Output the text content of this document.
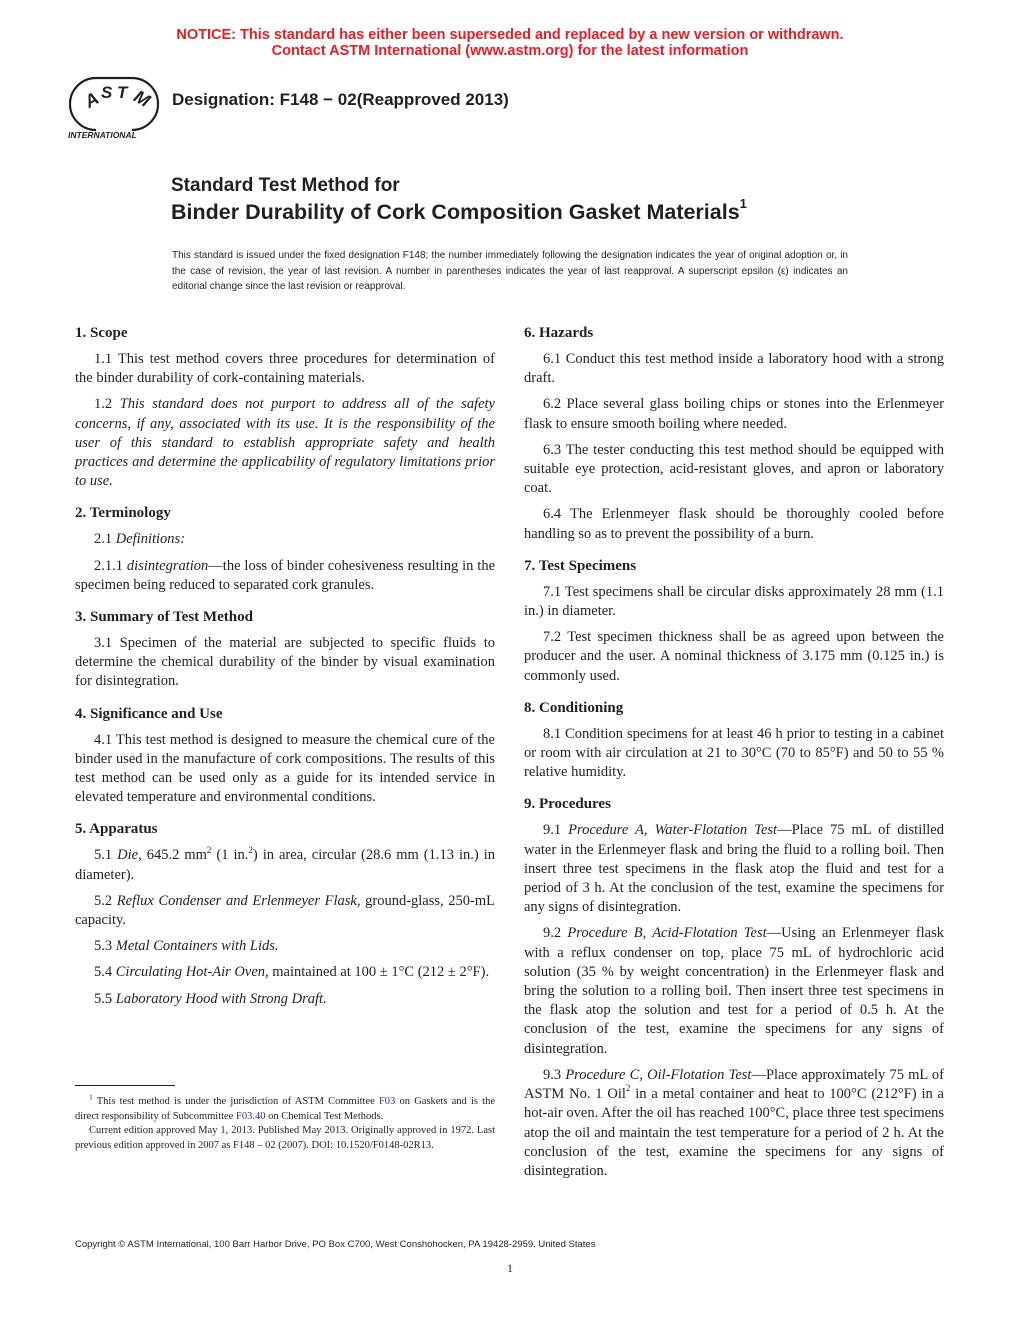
NOTICE: This standard has either been superseded and replaced by a new version or withdrawn.
Contact ASTM International (www.astm.org) for the latest information
A
S T M
INTERNATIONAL
Designation: F148 − 02(Reapproved 2013)
Standard Test Method for
Binder Durability of Cork Composition Gasket Materials$^1$
This standard is issued under the fixed designation F148; the number immediately following the designation indicates the year of original adoption or, in the case of revision, the year of last revision. A number in parentheses indicates the year of last reapproval. A superscript epsilon (ε) indicates an editorial change since the last revision or reapproval.
1. Scope

1.1 This test method covers three procedures for determination of the binder durability of cork-containing materials.

1.2 This standard does not purport to address all of the safety concerns, if any, associated with its use. It is the responsibility of the user of this standard to establish appropriate safety and health practices and determine the applicability of regulatory limitations prior to use.

2. Terminology

2.1 Definitions:

2.1.1 disintegration—the loss of binder cohesiveness resulting in the specimen being reduced to separated cork granules.

3. Summary of Test Method

3.1 Specimen of the material are subjected to specific fluids to determine the chemical durability of the binder by visual examination for disintegration.

4. Significance and Use

4.1 This test method is designed to measure the chemical cure of the binder used in the manufacture of cork compositions. The results of this test method can be used only as a guide for its intended service in elevated temperature and environmental conditions.

5. Apparatus

5.1 Die, 645.2 $mm^2$ (1 in.$^2$) in area, circular (28.6 mm (1.13 in.) in diameter).

5.2 Reflux Condenser and Erlenmeyer Flask, ground-glass, 250-mL capacity.

5.3 Metal Containers with Lids.

5.4 Circulating Hot-Air Oven, maintained at 100 ± 1°C (212 ± 2°F).

5.5 Laboratory Hood with Strong Draft.

6. Hazards

6.1 Conduct this test method inside a laboratory hood with a strong draft.

6.2 Place several glass boiling chips or stones into the Erlenmeyer flask to ensure smooth boiling where needed.

6.3 The tester conducting this test method should be equipped with suitable eye protection, acid-resistant gloves, and apron or laboratory coat.

6.4 The Erlenmeyer flask should be thoroughly cooled before handling so as to prevent the possibility of a burn.

7. Test Specimens

7.1 Test specimens shall be circular disks approximately 28 mm (1.1 in.) in diameter.

7.2 Test specimen thickness shall be as agreed upon between the producer and the user. A nominal thickness of 3.175 mm (0.125 in.) is commonly used.

8. Conditioning

8.1 Condition specimens for at least 46 h prior to testing in a cabinet or room with air circulation at 21 to 30°C (70 to 85°F) and 50 to 55 % relative humidity.

9. Procedures

9.1 Procedure A, Water-Flotation Test—Place 75 mL of distilled water in the Erlenmeyer flask and bring the fluid to a rolling boil. Then insert three test specimens in the flask atop the fluid and test for a period of 3 h. At the conclusion of the test, examine the specimens for any signs of disintegration.

9.2 Procedure B, Acid-Flotation Test—Using an Erlenmeyer flask with a reflux condenser on top, place 75 mL of hydrochloric acid solution (35 % by weight concentration) in the Erlenmeyer flask and bring the solution to a rolling boil. Then insert three test specimens in the flask atop the solution and test for a period of 0.5 h. At the conclusion of the test, examine the specimens for any signs of disintegration.

9.3 Procedure C, Oil-Flotation Test—Place approximately 75 mL of ASTM No. 1 Oil$^2$ in a metal container and heat to 100°C (212°F) in a hot-air oven. After the oil has reached 100°C, place three test specimens atop the oil and maintain the test temperature for a period of 2 h. At the conclusion of the test, examine the specimens for any signs of disintegration.

$^1$ This test method is under the jurisdiction of ASTM Committee F03 on Gaskets and is the direct responsibility of Subcommittee F03.40 on Chemical Test Methods.

Current edition approved May 1, 2013. Published May 2013. Originally approved in 1972. Last previous edition approved in 2007 as F148 – 02 (2007). DOI: 10.1520/F0148-02R13.

Copyright © ASTM International, 100 Barr Harbor Drive, PO Box C700, West Conshohocken, PA 19428-2959. United States
1
